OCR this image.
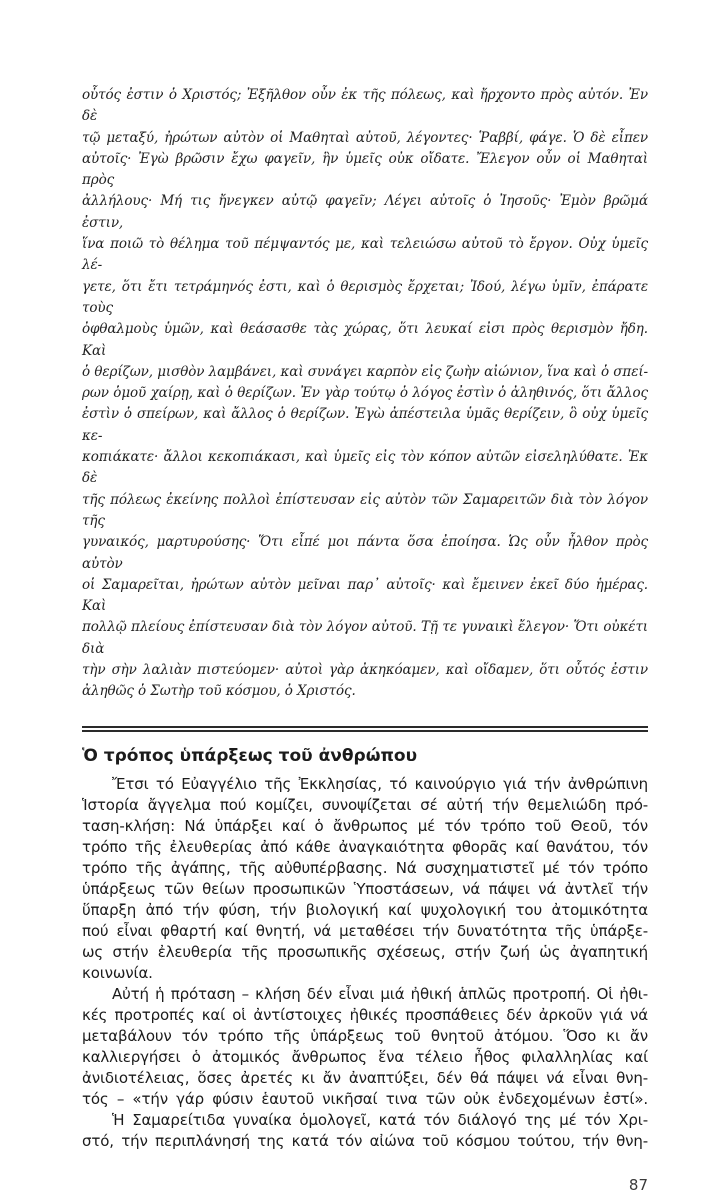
οὗτός ἐστιν ὁ Χριστός; Ἐξῆλθον οὖν ἐκ τῆς πόλεως, καὶ ἤρχοντο πρὸς αὐτόν. Ἐν δὲ
τῷ μεταξύ, ἠρώτων αὐτὸν οἱ Μαθηταὶ αὐτοῦ, λέγοντες· Ῥαββί, φάγε. Ὁ δὲ εἶπεν
αὐτοῖς· Ἐγὼ βρῶσιν ἔχω φαγεῖν, ἣν ὑμεῖς οὐκ οἴδατε. Ἔλεγον οὖν οἱ Μαθηταὶ πρὸς
ἀλλήλους· Μή τις ἤνεγκεν αὐτῷ φαγεῖν; Λέγει αὐτοῖς ὁ Ἰησοῦς· Ἐμὸν βρῶμά ἐστιν,
ἵνα ποιῶ τὸ θέλημα τοῦ πέμψαντός με, καὶ τελειώσω αὐτοῦ τὸ ἔργον. Οὐχ ὑμεῖς λέ-
γετε, ὅτι ἔτι τετράμηνός ἐστι, καὶ ὁ θερισμὸς ἔρχεται; Ἰδού, λέγω ὑμῖν, ἐπάρατε τοὺς
ὀφθαλμοὺς ὑμῶν, καὶ θεάσασθε τὰς χώρας, ὅτι λευκαί εἰσι πρὸς θερισμὸν ἤδη. Καὶ
ὁ θερίζων, μισθὸν λαμβάνει, καὶ συνάγει καρπὸν εἰς ζωὴν αἰώνιον, ἵνα καὶ ὁ σπεί-
ρων ὁμοῦ χαίρῃ, καὶ ὁ θερίζων. Ἐν γὰρ τούτῳ ὁ λόγος ἐστὶν ὁ ἀληθινός, ὅτι ἄλλος
ἐστὶν ὁ σπείρων, καὶ ἄλλος ὁ θερίζων. Ἐγὼ ἀπέστειλα ὑμᾶς θερίζειν, ὃ οὐχ ὑμεῖς κε-
κοπιάκατε· ἄλλοι κεκοπιάκασι, καὶ ὑμεῖς εἰς τὸν κόπον αὐτῶν εἰσεληλύθατε. Ἐκ δὲ
τῆς πόλεως ἐκείνης πολλοὶ ἐπίστευσαν εἰς αὐτὸν τῶν Σαμαρειτῶν διὰ τὸν λόγον τῆς
γυναικός, μαρτυρούσης· Ὅτι εἶπέ μοι πάντα ὅσα ἐποίησα. Ὡς οὖν ἦλθον πρὸς αὐτὸν
οἱ Σαμαρεῖται, ἠρώτων αὐτὸν μεῖναι παρ᾽ αὐτοῖς· καὶ ἔμεινεν ἐκεῖ δύο ἡμέρας. Καὶ
πολλῷ πλείους ἐπίστευσαν διὰ τὸν λόγον αὐτοῦ. Τῇ τε γυναικὶ ἔλεγον· Ὅτι οὐκέτι διὰ
τὴν σὴν λαλιὰν πιστεύομεν· αὐτοὶ γὰρ ἀκηκόαμεν, καὶ οἴδαμεν, ὅτι οὗτός ἐστιν
ἀληθῶς ὁ Σωτὴρ τοῦ κόσμου, ὁ Χριστός.
Ὁ τρόπος ὑπάρξεως τοῦ ἀνθρώπου
Ἔτσι τό Εὐαγγέλιο τῆς Ἐκκλησίας, τό καινούργιο γιά τήν ἀνθρώπινη
Ἱστορία ἄγγελμα πού κομίζει, συνοψίζεται σέ αὐτή τήν θεμελιώδη πρό-
ταση-κλήση: Νά ὑπάρξει καί ὁ ἄνθρωπος μέ τόν τρόπο τοῦ Θεοῦ, τόν
τρόπο τῆς ἐλευθερίας ἀπό κάθε ἀναγκαιότητα φθορᾶς καί θανάτου, τόν
τρόπο τῆς ἀγάπης, τῆς αὐθυπέρβασης. Νά συσχηματιστεῖ μέ τόν τρόπο
ὑπάρξεως τῶν θείων προσωπικῶν Ὑποστάσεων, νά πάψει νά ἀντλεῖ τήν
ὕπαρξη ἀπό τήν φύση, τήν βιολογική καί ψυχολογική του ἀτομικότητα
πού εἶναι φθαρτή καί θνητή, νά μεταθέσει τήν δυνατότητα τῆς ὑπάρξε-
ως στήν ἐλευθερία τῆς προσωπικῆς σχέσεως, στήν ζωή ὡς ἀγαπητική
κοινωνία.
Αὐτή ἡ πρόταση – κλήση δέν εἶναι μιά ἠθική ἁπλῶς προτροπή. Οἱ ἠθι-
κές προτροπές καί οἱ ἀντίστοιχες ἠθικές προσπάθειες δέν ἀρκοῦν γιά νά
μεταβάλουν τόν τρόπο τῆς ὑπάρξεως τοῦ θνητοῦ ἀτόμου. Ὅσο κι ἄν
καλλιεργήσει ὁ ἀτομικός ἄνθρωπος ἕνα τέλειο ἦθος φιλαλληλίας καί
ἀνιδιοτέλειας, ὅσες ἀρετές κι ἄν ἀναπτύξει, δέν θά πάψει νά εἶναι θνη-
τός – «τήν γάρ φύσιν ἑαυτοῦ νικῆσαί τινα τῶν οὐκ ἐνδεχομένων ἐστί».
Ἡ Σαμαρείτιδα γυναίκα ὁμολογεῖ, κατά τόν διάλογό της μέ τόν Χρι-
στό, τήν περιπλάνησή της κατά τόν αἰώνα τοῦ κόσμου τούτου, τήν θνη-
87
